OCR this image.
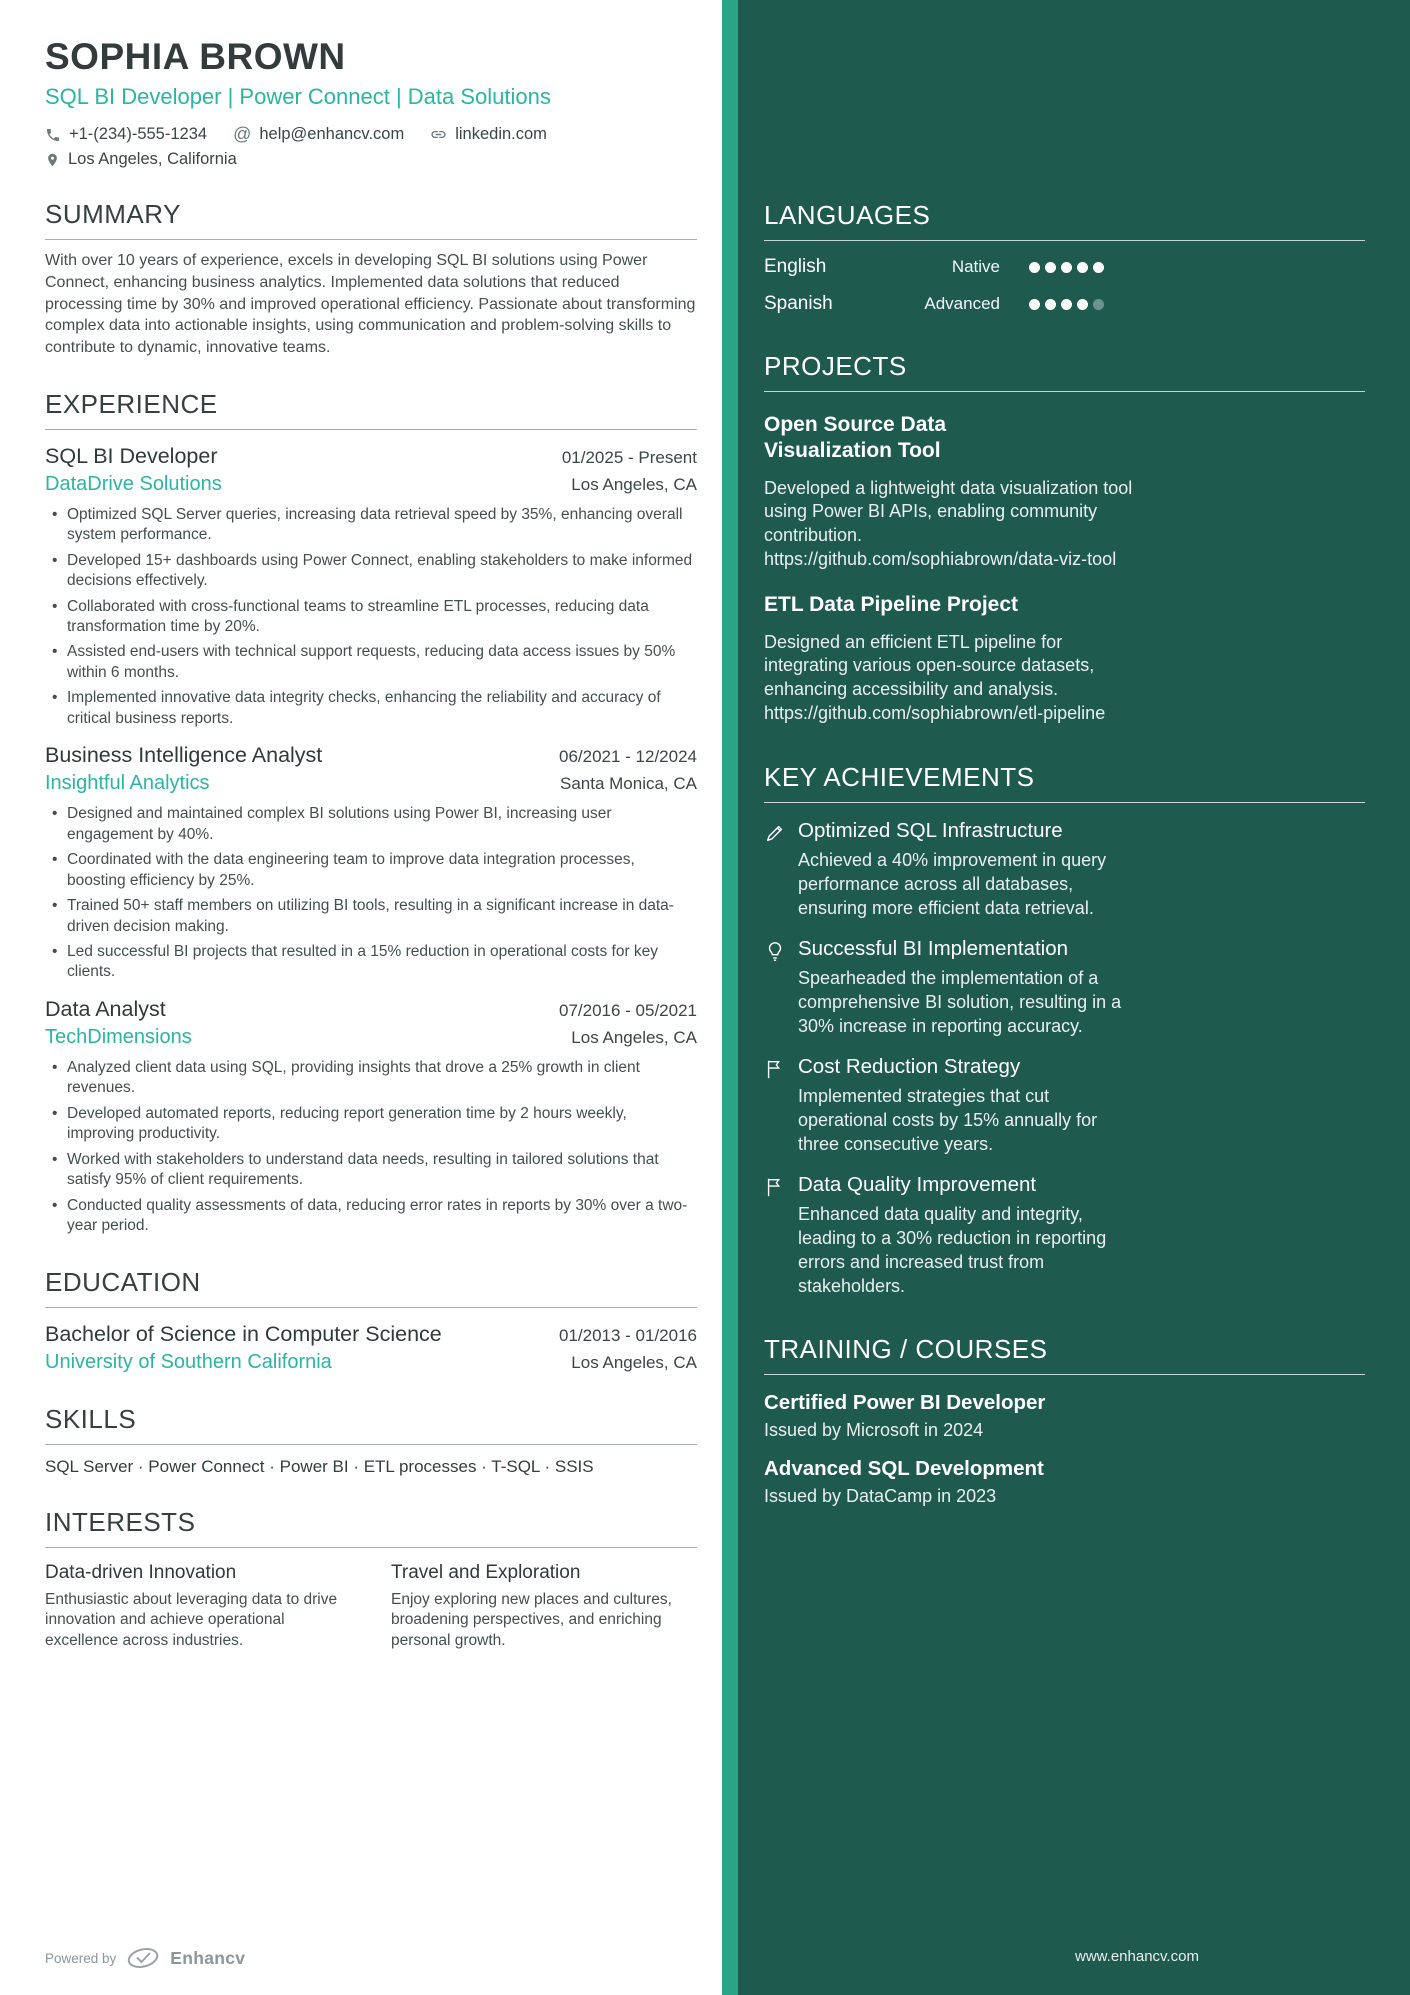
SOPHIA BROWN
SQL BI Developer | Power Connect | Data Solutions
+1-(234)-555-1234 @ help@enhancv.com	linkedin.com
Los Angeles, California
SUMMARY

With over 10 years of experience, excels in developing SQL BI solutions using Power Connect, enhancing business analytics. Implemented data solutions that reduced processing time by 30% and improved operational efficiency. Passionate about transforming complex data into actionable insights, using communication and problem-solving skills to contribute to dynamic, innovative teams.

EXPERIENCE
SQL BI Developer	01/2025 - Present
DataDrive Solutions	Los Angeles, CA
• Optimized SQL Server queries, increasing data retrieval speed by 35%, enhancing overall system performance.
• Developed 15+ dashboards using Power Connect, enabling stakeholders to make informed decisions effectively.
• Collaborated with cross-functional teams to streamline ETL processes, reducing data transformation time by 20%.
• Assisted end-users with technical support requests, reducing data access issues by 50% within 6 months.
• Implemented innovative data integrity checks, enhancing the reliability and accuracy of critical business reports.
Business Intelligence Analyst	06/2021 - 12/2024
Insightful Analytics	Santa Monica, CA
• Designed and maintained complex BI solutions using Power BI, increasing user engagement by 40%.
• Coordinated with the data engineering team to improve data integration processes, boosting efficiency by 25%.
• Trained 50+ staff members on utilizing BI tools, resulting in a significant increase in data-driven decision making.
• Led successful BI projects that resulted in a 15% reduction in operational costs for key clients.
Data Analyst	07/2016 - 05/2021
TechDimensions	Los Angeles, CA
• Analyzed client data using SQL, providing insights that drove a 25% growth in client revenues.
• Developed automated reports, reducing report generation time by 2 hours weekly, improving productivity.
• Worked with stakeholders to understand data needs, resulting in tailored solutions that satisfy 95% of client requirements.
• Conducted quality assessments of data, reducing error rates in reports by 30% over a two-year period.
EDUCATION
Bachelor of Science in Computer Science	01/2013 - 01/2016
University of Southern California	Los Angeles, CA
SKILLS
SQL Server · Power Connect · Power BI · ETL processes · T-SQL · SSIS
INTERESTS
Data-driven Innovation

Enthusiastic about leveraging data to drive innovation and achieve operational excellence across industries.

Travel and Exploration

Enjoy exploring new places and cultures, broadening perspectives, and enriching personal growth.

LANGUAGES
English	Native
Spanish	Advanced
PROJECTS
Open Source Data Visualization Tool

Developed a lightweight data visualization tool using Power BI APIs, enabling community contribution.

https://github.com/sophiabrown/data-viz-tool

ETL Data Pipeline Project

Designed an efficient ETL pipeline for integrating various open-source datasets, enhancing accessibility and analysis.

https://github.com/sophiabrown/etl-pipeline

KEY ACHIEVEMENTS
Optimized SQL Infrastructure

Achieved a 40% improvement in query performance across all databases, ensuring more efficient data retrieval.

Successful BI Implementation

Spearheaded the implementation of a comprehensive BI solution, resulting in a 30% increase in reporting accuracy.

Cost Reduction Strategy

Implemented strategies that cut operational costs by 15% annually for three consecutive years.

Data Quality Improvement

Enhanced data quality and integrity, leading to a 30% reduction in reporting errors and increased trust from stakeholders.

TRAINING / COURSES
Certified Power BI Developer

Issued by Microsoft in 2024

Advanced SQL Development

Issued by DataCamp in 2023

Powered by	Enhancv	www.enhancv.com
